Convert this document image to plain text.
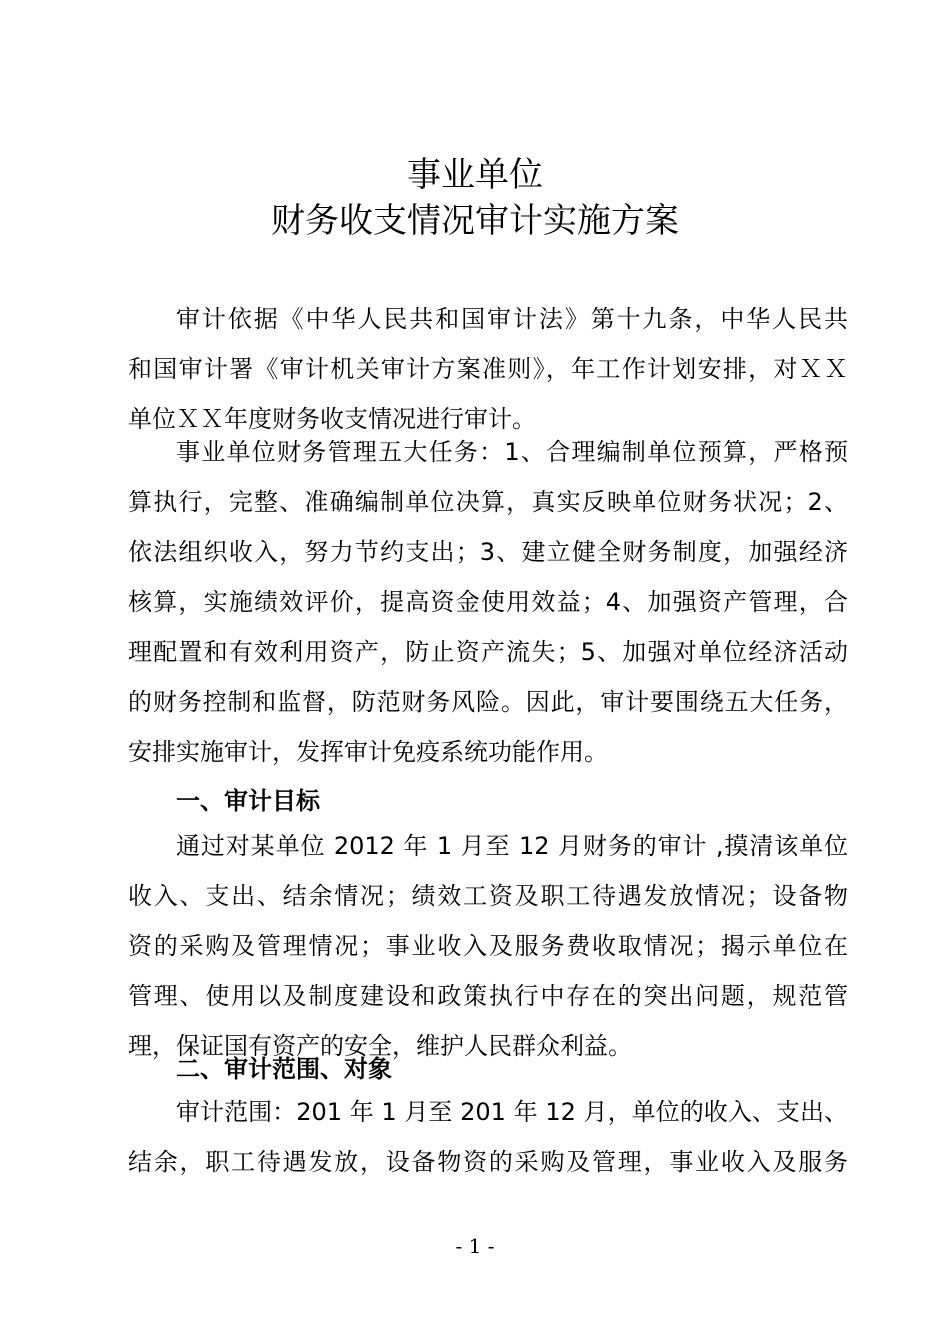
事业单位
财务收支情况审计实施方案
审计依据《中华人民共和国审计法》第十九条，中华人民共
和国审计署《审计机关审计方案准则》，年工作计划安排，对ＸＸ
单位ＸＸ年度财务收支情况进行审计。
事业单位财务管理五大任务：1、合理编制单位预算，严格预
算执行，完整、准确编制单位决算，真实反映单位财务状况；2、
依法组织收入，努力节约支出；3、建立健全财务制度，加强经济
核算，实施绩效评价，提高资金使用效益；4、加强资产管理，合
理配置和有效利用资产，防止资产流失；5、加强对单位经济活动
的财务控制和监督，防范财务风险。因此，审计要围绕五大任务，
安排实施审计，发挥审计免疫系统功能作用。
一、审计目标
通过对某单位 2012 年 1 月至 12 月财务的审计 ,摸清该单位
收入、支出、结余情况；绩效工资及职工待遇发放情况；设备物
资的采购及管理情况；事业收入及服务费收取情况；揭示单位在
管理、使用以及制度建设和政策执行中存在的突出问题，规范管
理，保证国有资产的安全，维护人民群众利益。
二、审计范围、对象
审计范围：201 年 1 月至 201 年 12 月，单位的收入、支出、
结余，职工待遇发放，设备物资的采购及管理，事业收入及服务
- 1 -
